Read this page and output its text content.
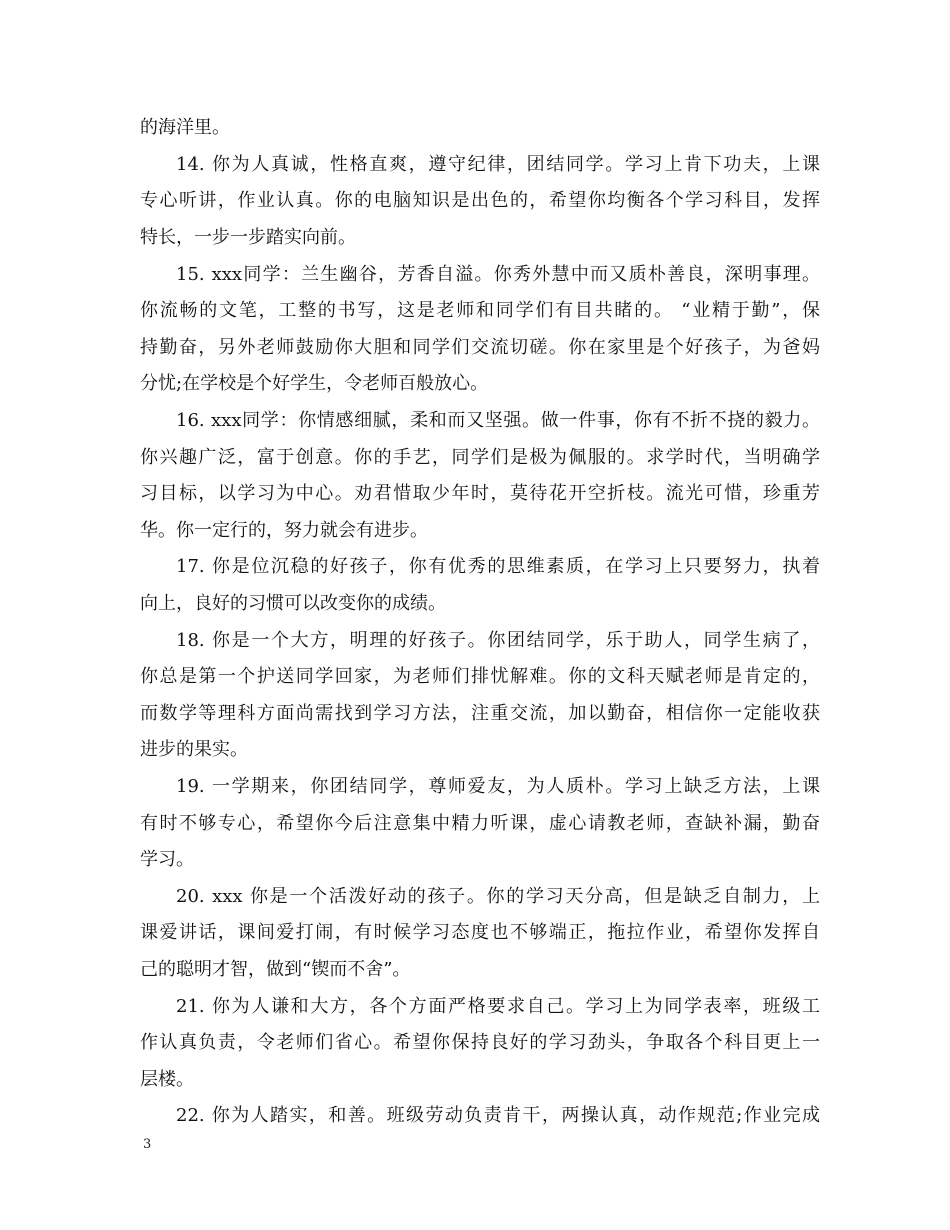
的海洋里。
14. 你为人真诚，性格直爽，遵守纪律，团结同学。学习上肯下功夫，上课
专心听讲，作业认真。你的电脑知识是出色的，希望你均衡各个学习科目，发挥
特长，一步一步踏实向前。
15. xxx同学：兰生幽谷，芳香自溢。你秀外慧中而又质朴善良，深明事理。
你流畅的文笔，工整的书写，这是老师和同学们有目共睹的。 “业精于勤”，保
持勤奋，另外老师鼓励你大胆和同学们交流切磋。你在家里是个好孩子，为爸妈
分忧;在学校是个好学生，令老师百般放心。
16. xxx同学：你情感细腻，柔和而又坚强。做一件事，你有不折不挠的毅力。
你兴趣广泛，富于创意。你的手艺，同学们是极为佩服的。求学时代，当明确学
习目标，以学习为中心。劝君惜取少年时，莫待花开空折枝。流光可惜，珍重芳
华。你一定行的，努力就会有进步。
17. 你是位沉稳的好孩子，你有优秀的思维素质，在学习上只要努力，执着
向上，良好的习惯可以改变你的成绩。
18. 你是一个大方，明理的好孩子。你团结同学，乐于助人，同学生病了，
你总是第一个护送同学回家，为老师们排忧解难。你的文科天赋老师是肯定的，
而数学等理科方面尚需找到学习方法，注重交流，加以勤奋，相信你一定能收获
进步的果实。
19. 一学期来，你团结同学，尊师爱友，为人质朴。学习上缺乏方法，上课
有时不够专心，希望你今后注意集中精力听课，虚心请教老师，查缺补漏，勤奋
学习。
20. xxx 你是一个活泼好动的孩子。你的学习天分高，但是缺乏自制力，上
课爱讲话，课间爱打闹，有时候学习态度也不够端正，拖拉作业，希望你发挥自
己的聪明才智，做到“锲而不舍”。
21. 你为人谦和大方，各个方面严格要求自己。学习上为同学表率，班级工
作认真负责，令老师们省心。希望你保持良好的学习劲头，争取各个科目更上一
层楼。
22. 你为人踏实，和善。班级劳动负责肯干，两操认真，动作规范;作业完成
3
